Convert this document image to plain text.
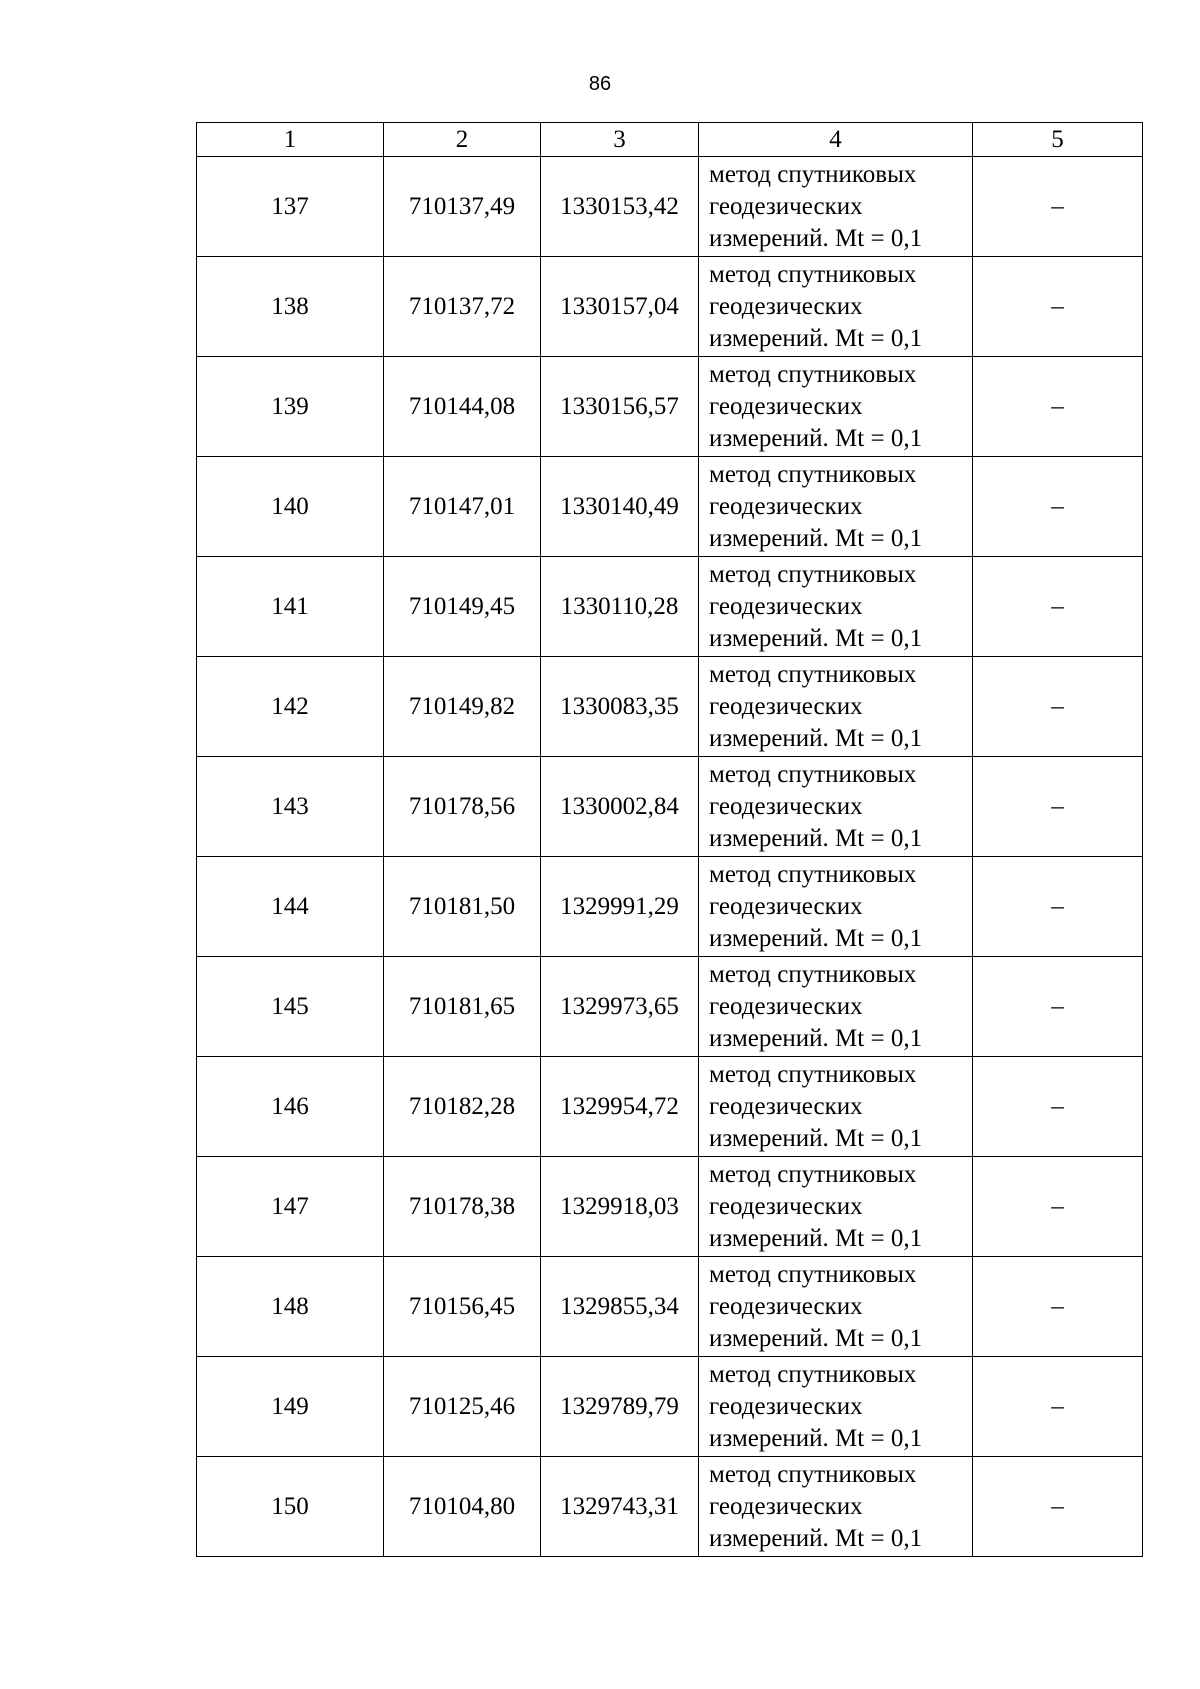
86
1	2	3	4	5
137	710137,49	1330153,42	метод спутниковых
геодезических
измерений. Mt = 0,1	–
138	710137,72	1330157,04	метод спутниковых
геодезических
измерений. Mt = 0,1	–
139	710144,08	1330156,57	метод спутниковых
геодезических
измерений. Mt = 0,1	–
140	710147,01	1330140,49	метод спутниковых
геодезических
измерений. Mt = 0,1	–
141	710149,45	1330110,28	метод спутниковых
геодезических
измерений. Mt = 0,1	–
142	710149,82	1330083,35	метод спутниковых
геодезических
измерений. Mt = 0,1	–
143	710178,56	1330002,84	метод спутниковых
геодезических
измерений. Mt = 0,1	–
144	710181,50	1329991,29	метод спутниковых
геодезических
измерений. Mt = 0,1	–
145	710181,65	1329973,65	метод спутниковых
геодезических
измерений. Mt = 0,1	–
146	710182,28	1329954,72	метод спутниковых
геодезических
измерений. Mt = 0,1	–
147	710178,38	1329918,03	метод спутниковых
геодезических
измерений. Mt = 0,1	–
148	710156,45	1329855,34	метод спутниковых
геодезических
измерений. Mt = 0,1	–
149	710125,46	1329789,79	метод спутниковых
геодезических
измерений. Mt = 0,1	–
150	710104,80	1329743,31	метод спутниковых
геодезических
измерений. Mt = 0,1	–
